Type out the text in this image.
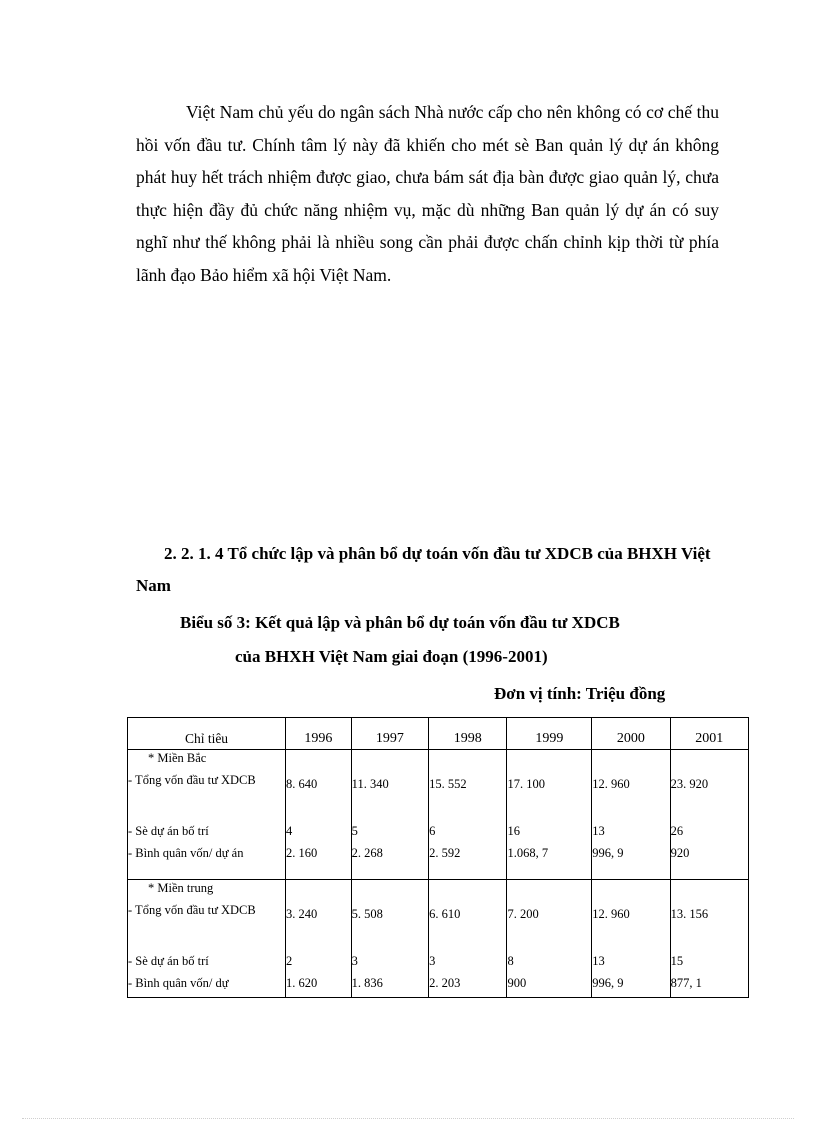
Việt Nam chủ yếu do ngân sách Nhà nước cấp cho nên không có cơ chế thu hồi vốn đầu tư. Chính tâm lý này đã khiến cho mét sè Ban quản lý dự án không phát huy hết trách nhiệm được giao, chưa bám sát địa bàn được giao quản lý, chưa thực hiện đầy đủ chức năng nhiệm vụ, mặc dù những Ban quản lý dự án có suy nghĩ như thế không phải là nhiều song cần phải được chấn chỉnh kịp thời từ phía lãnh đạo Bảo hiểm xã hội Việt Nam.

2. 2. 1. 4 Tổ chức lập và phân bổ dự toán vốn đầu tư XDCB của BHXH Việt Nam
Biểu số 3: Kết quả lập và phân bổ dự toán vốn đầu tư XDCB
của BHXH Việt Nam giai đoạn (1996-2001)
Đơn vị tính: Triệu đồng
Chỉ tiêu	1996	1997	1998	1999	2000	2001
* Miền Bắc						
- Tổng vốn đầu tư XDCB	8. 640	11. 340	15. 552	17. 100	12. 960	23. 920
- Sè dự án bố trí	4	5	6	16	13	26
- Bình quân vốn/ dự án	2. 160	2. 268	2. 592	1.068, 7	996, 9	920
* Miền trung						
- Tổng vốn đầu tư XDCB	3. 240	5. 508	6. 610	7. 200	12. 960	13. 156
- Sè dự án bố trí	2	3	3	8	13	15
- Bình quân vốn/ dự	1. 620	1. 836	2. 203	900	996, 9	877, 1
